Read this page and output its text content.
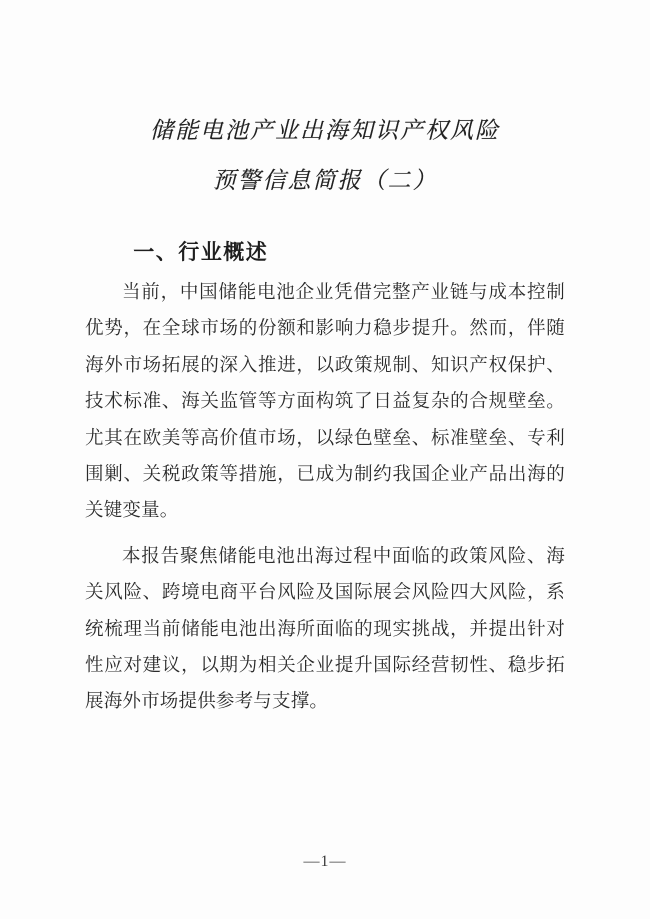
储能电池产业出海知识产权风险
预警信息简报（二）
一、行业概述

当前，中国储能电池企业凭借完整产业链与成本控制优势，在全球市场的份额和影响力稳步提升。然而，伴随海外市场拓展的深入推进，以政策规制、知识产权保护、技术标准、海关监管等方面构筑了日益复杂的合规壁垒。尤其在欧美等高价值市场，以绿色壁垒、标准壁垒、专利围剿、关税政策等措施，已成为制约我国企业产品出海的关键变量。

本报告聚焦储能电池出海过程中面临的政策风险、海关风险、跨境电商平台风险及国际展会风险四大风险，系统梳理当前储能电池出海所面临的现实挑战，并提出针对性应对建议，以期为相关企业提升国际经营韧性、稳步拓展海外市场提供参考与支撑。

—1—
